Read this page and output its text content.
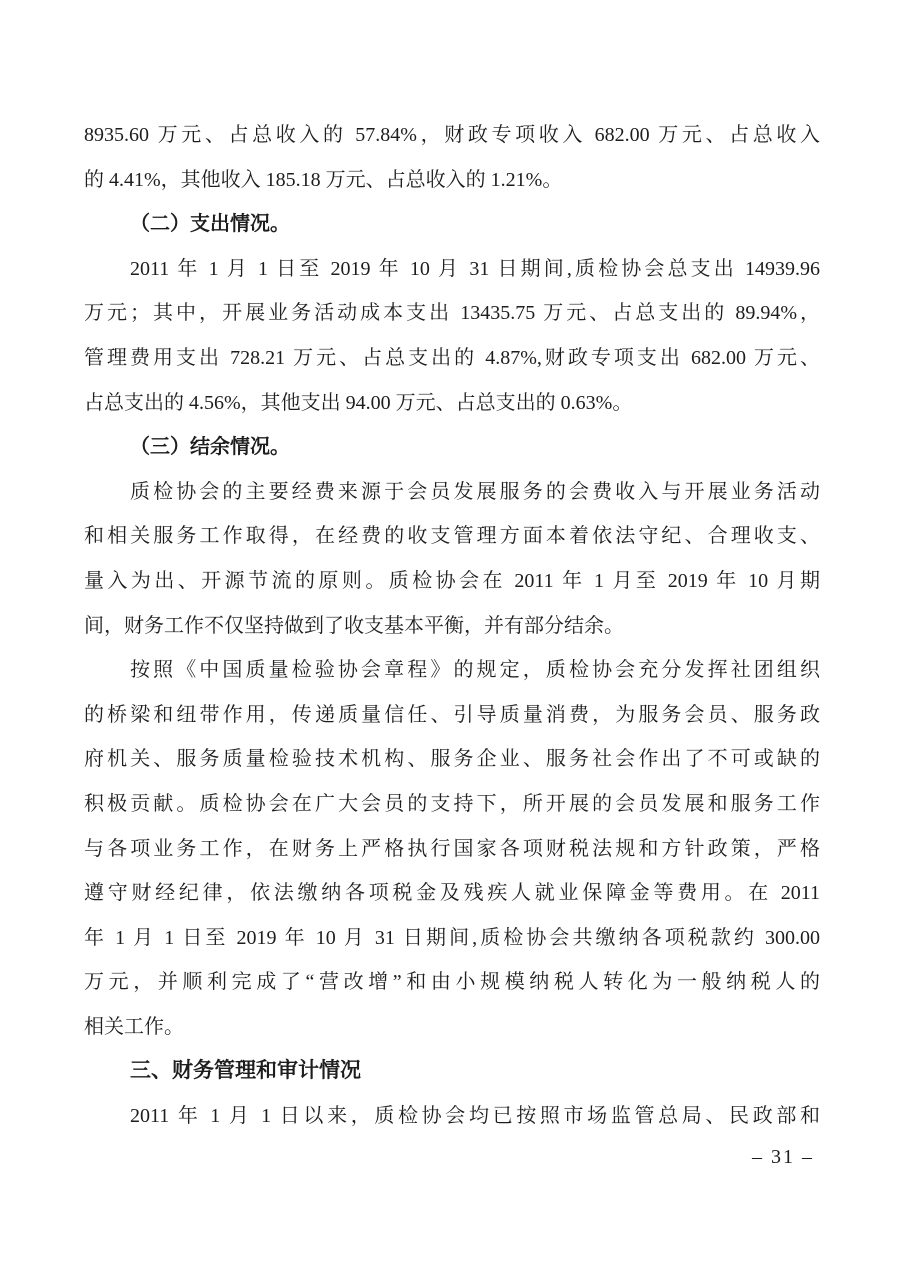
8935.60 万元、占总收入的 57.84%，财政专项收入 682.00 万元、占总收入
的 4.41%，其他收入 185.18 万元、占总收入的 1.21%。
（二）支出情况。
2011 年 1 月 1 日至 2019 年 10 月 31 日期间,质检协会总支出 14939.96
万元；其中，开展业务活动成本支出 13435.75 万元、占总支出的 89.94%，
管理费用支出 728.21 万元、占总支出的 4.87%,财政专项支出 682.00 万元、
占总支出的 4.56%，其他支出 94.00 万元、占总支出的 0.63%。
（三）结余情况。
质检协会的主要经费来源于会员发展服务的会费收入与开展业务活动
和相关服务工作取得，在经费的收支管理方面本着依法守纪、合理收支、
量入为出、开源节流的原则。质检协会在 2011 年 1 月至 2019 年 10 月期
间，财务工作不仅坚持做到了收支基本平衡，并有部分结余。
按照《中国质量检验协会章程》的规定，质检协会充分发挥社团组织
的桥梁和纽带作用，传递质量信任、引导质量消费，为服务会员、服务政
府机关、服务质量检验技术机构、服务企业、服务社会作出了不可或缺的
积极贡献。质检协会在广大会员的支持下，所开展的会员发展和服务工作
与各项业务工作，在财务上严格执行国家各项财税法规和方针政策，严格
遵守财经纪律，依法缴纳各项税金及残疾人就业保障金等费用。在 2011
年 1 月 1 日至 2019 年 10 月 31 日期间,质检协会共缴纳各项税款约 300.00
万元，并顺利完成了“营改增”和由小规模纳税人转化为一般纳税人的
相关工作。
三、财务管理和审计情况
2011 年 1 月 1 日以来，质检协会均已按照市场监管总局、民政部和
– 31 –
